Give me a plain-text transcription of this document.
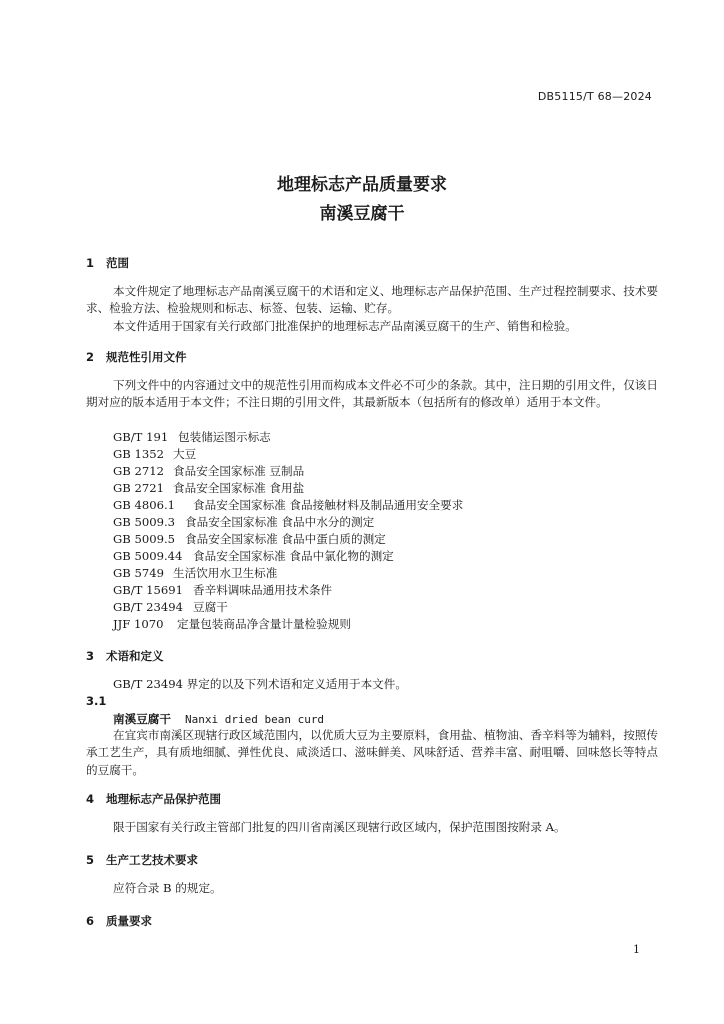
DB5115/T 68—2024
地理标志产品质量要求
南溪豆腐干
1 范围
本文件规定了地理标志产品南溪豆腐干的术语和定义、地理标志产品保护范围、生产过程控制要求、技术要求、检验方法、检验规则和标志、标签、包装、运输、贮存。
本文件适用于国家有关行政部门批准保护的地理标志产品南溪豆腐干的生产、销售和检验。
2 规范性引用文件
下列文件中的内容通过文中的规范性引用而构成本文件必不可少的条款。其中，注日期的引用文件，仅该日期对应的版本适用于本文件；不注日期的引用文件，其最新版本（包括所有的修改单）适用于本文件。
GB/T 191 包装储运图示标志
GB 1352 大豆
GB 2712 食品安全国家标准 豆制品
GB 2721 食品安全国家标准 食用盐
GB 4806.1 食品安全国家标准 食品接触材料及制品通用安全要求
GB 5009.3 食品安全国家标准 食品中水分的测定
GB 5009.5 食品安全国家标准 食品中蛋白质的测定
GB 5009.44 食品安全国家标准 食品中氯化物的测定
GB 5749 生活饮用水卫生标准
GB/T 15691 香辛料调味品通用技术条件
GB/T 23494 豆腐干
JJF 1070 定量包装商品净含量计量检验规则
3 术语和定义
GB/T 23494 界定的以及下列术语和定义适用于本文件。
3.1
南溪豆腐干 Nanxi dried bean curd
在宜宾市南溪区现辖行政区域范围内，以优质大豆为主要原料，食用盐、植物油、香辛料等为辅料，按照传承工艺生产，具有质地细腻、弹性优良、咸淡适口、滋味鲜美、风味舒适、营养丰富、耐咀嚼、回味悠长等特点的豆腐干。
4 地理标志产品保护范围
限于国家有关行政主管部门批复的四川省南溪区现辖行政区域内，保护范围图按附录 A。
5 生产工艺技术要求
应符合录 B 的规定。
6 质量要求
1
